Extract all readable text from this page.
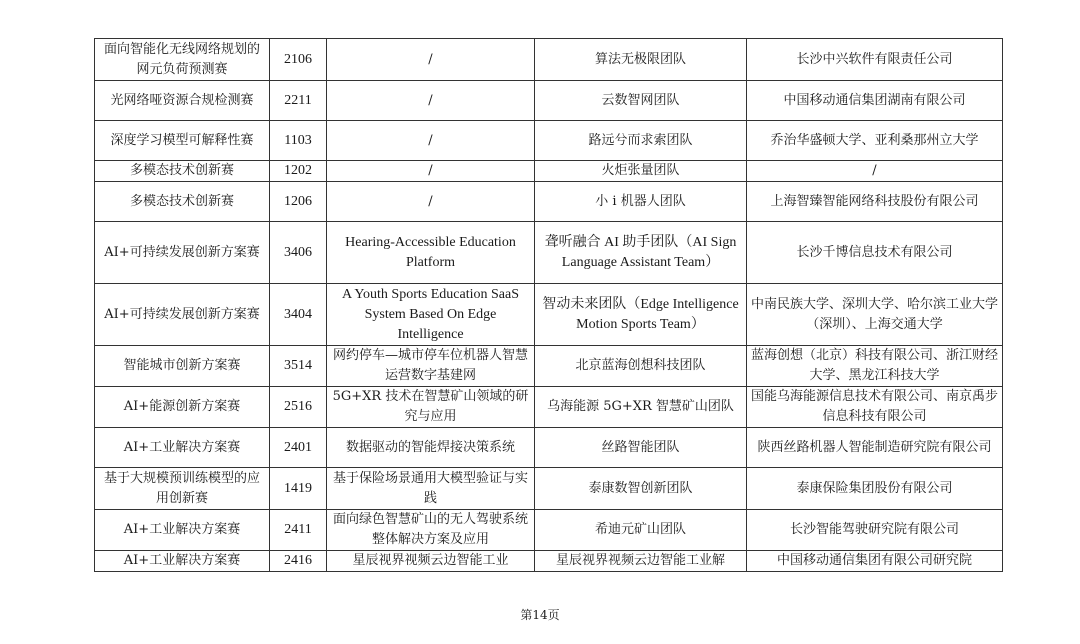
面向智能化无线网络规划的网元负荷预测赛	2106	/	算法无极限团队	长沙中兴软件有限责任公司
光网络哑资源合规检测赛	2211	/	云数智网团队	中国移动通信集团湖南有限公司
深度学习模型可解释性赛	1103	/	路远兮而求索团队	乔治华盛顿大学、亚利桑那州立大学
多模态技术创新赛	1202	/	火炬张量团队	/
多模态技术创新赛	1206	/	小 i 机器人团队	上海智臻智能网络科技股份有限公司
AI+可持续发展创新方案赛	3406	Hearing-Accessible Education Platform	聋听融合 AI 助手团队（AI Sign Language Assistant Team）	长沙千博信息技术有限公司
AI+可持续发展创新方案赛	3404	A Youth Sports Education SaaS System Based On Edge Intelligence	智动未来团队（Edge Intelligence Motion Sports Team）	中南民族大学、深圳大学、哈尔滨工业大学（深圳）、上海交通大学
智能城市创新方案赛	3514	网约停车—城市停车位机器人智慧运营数字基建网	北京蓝海创想科技团队	蓝海创想（北京）科技有限公司、浙江财经大学、黑龙江科技大学
AI+能源创新方案赛	2516	5G+XR 技术在智慧矿山领域的研究与应用	乌海能源 5G+XR 智慧矿山团队	国能乌海能源信息技术有限公司、南京禹步信息科技有限公司
AI+工业解决方案赛	2401	数据驱动的智能焊接决策系统	丝路智能团队	陕西丝路机器人智能制造研究院有限公司
基于大规模预训练模型的应用创新赛	1419	基于保险场景通用大模型验证与实践	泰康数智创新团队	泰康保险集团股份有限公司
AI+工业解决方案赛	2411	面向绿色智慧矿山的无人驾驶系统整体解决方案及应用	希迪元矿山团队	长沙智能驾驶研究院有限公司
AI+工业解决方案赛	2416	星辰视界视频云边智能工业	星辰视界视频云边智能工业解	中国移动通信集团有限公司研究院
第14页
